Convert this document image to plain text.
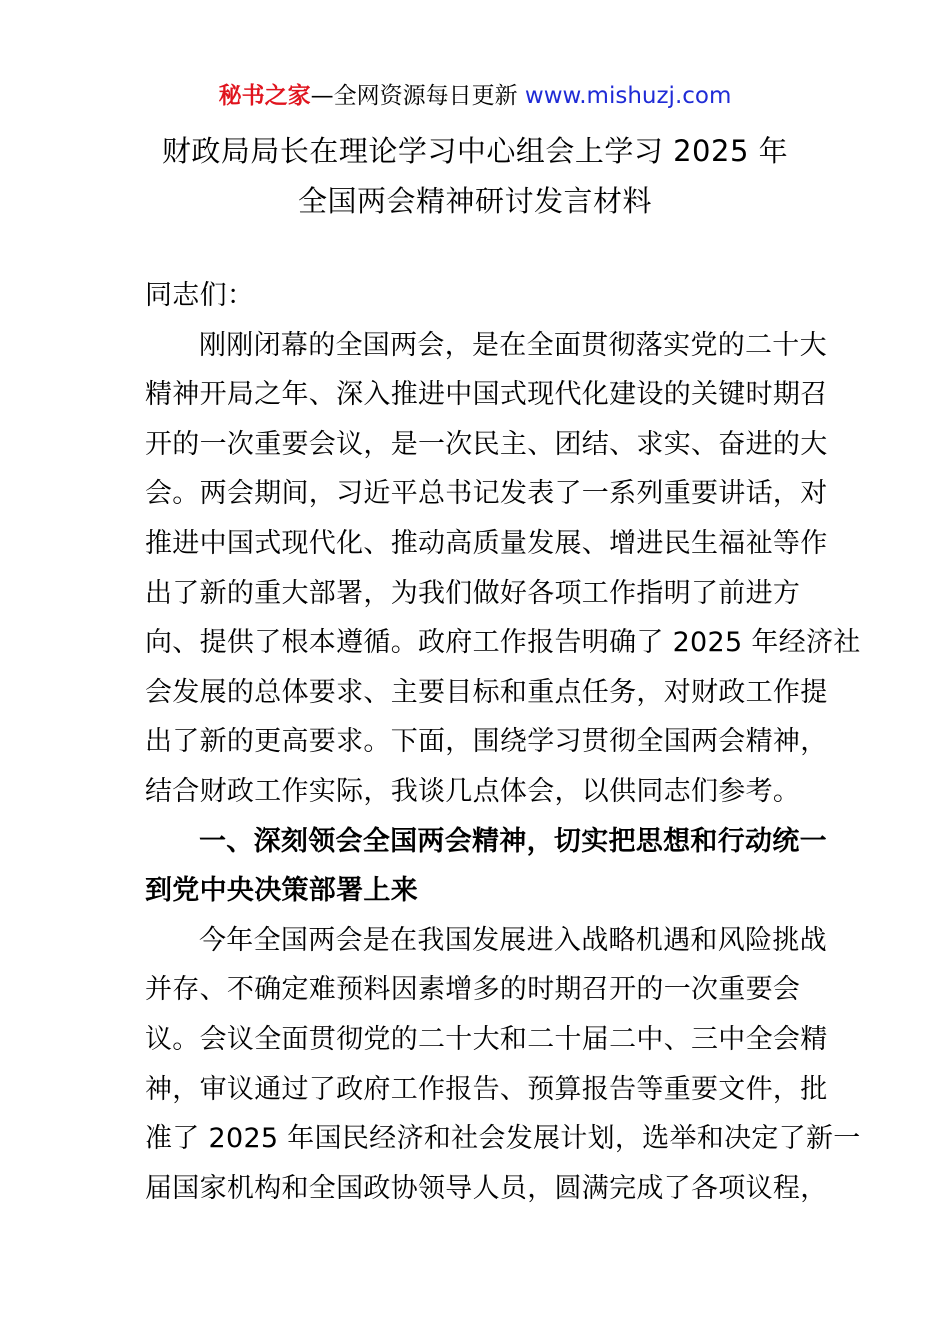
秘书之家—全网资源每日更新 www.mishuzj.com
财政局局长在理论学习中心组会上学习 2025 年
全国两会精神研讨发言材料
同志们：
刚刚闭幕的全国两会，是在全面贯彻落实党的二十大
精神开局之年、深入推进中国式现代化建设的关键时期召
开的一次重要会议，是一次民主、团结、求实、奋进的大
会。两会期间，习近平总书记发表了一系列重要讲话，对
推进中国式现代化、推动高质量发展、增进民生福祉等作
出了新的重大部署，为我们做好各项工作指明了前进方
向、提供了根本遵循。政府工作报告明确了 2025 年经济社
会发展的总体要求、主要目标和重点任务，对财政工作提
出了新的更高要求。下面，围绕学习贯彻全国两会精神，
结合财政工作实际，我谈几点体会，以供同志们参考。
一、深刻领会全国两会精神，切实把思想和行动统一
到党中央决策部署上来
今年全国两会是在我国发展进入战略机遇和风险挑战
并存、不确定难预料因素增多的时期召开的一次重要会
议。会议全面贯彻党的二十大和二十届二中、三中全会精
神，审议通过了政府工作报告、预算报告等重要文件，批
准了 2025 年国民经济和社会发展计划，选举和决定了新一
届国家机构和全国政协领导人员，圆满完成了各项议程，
